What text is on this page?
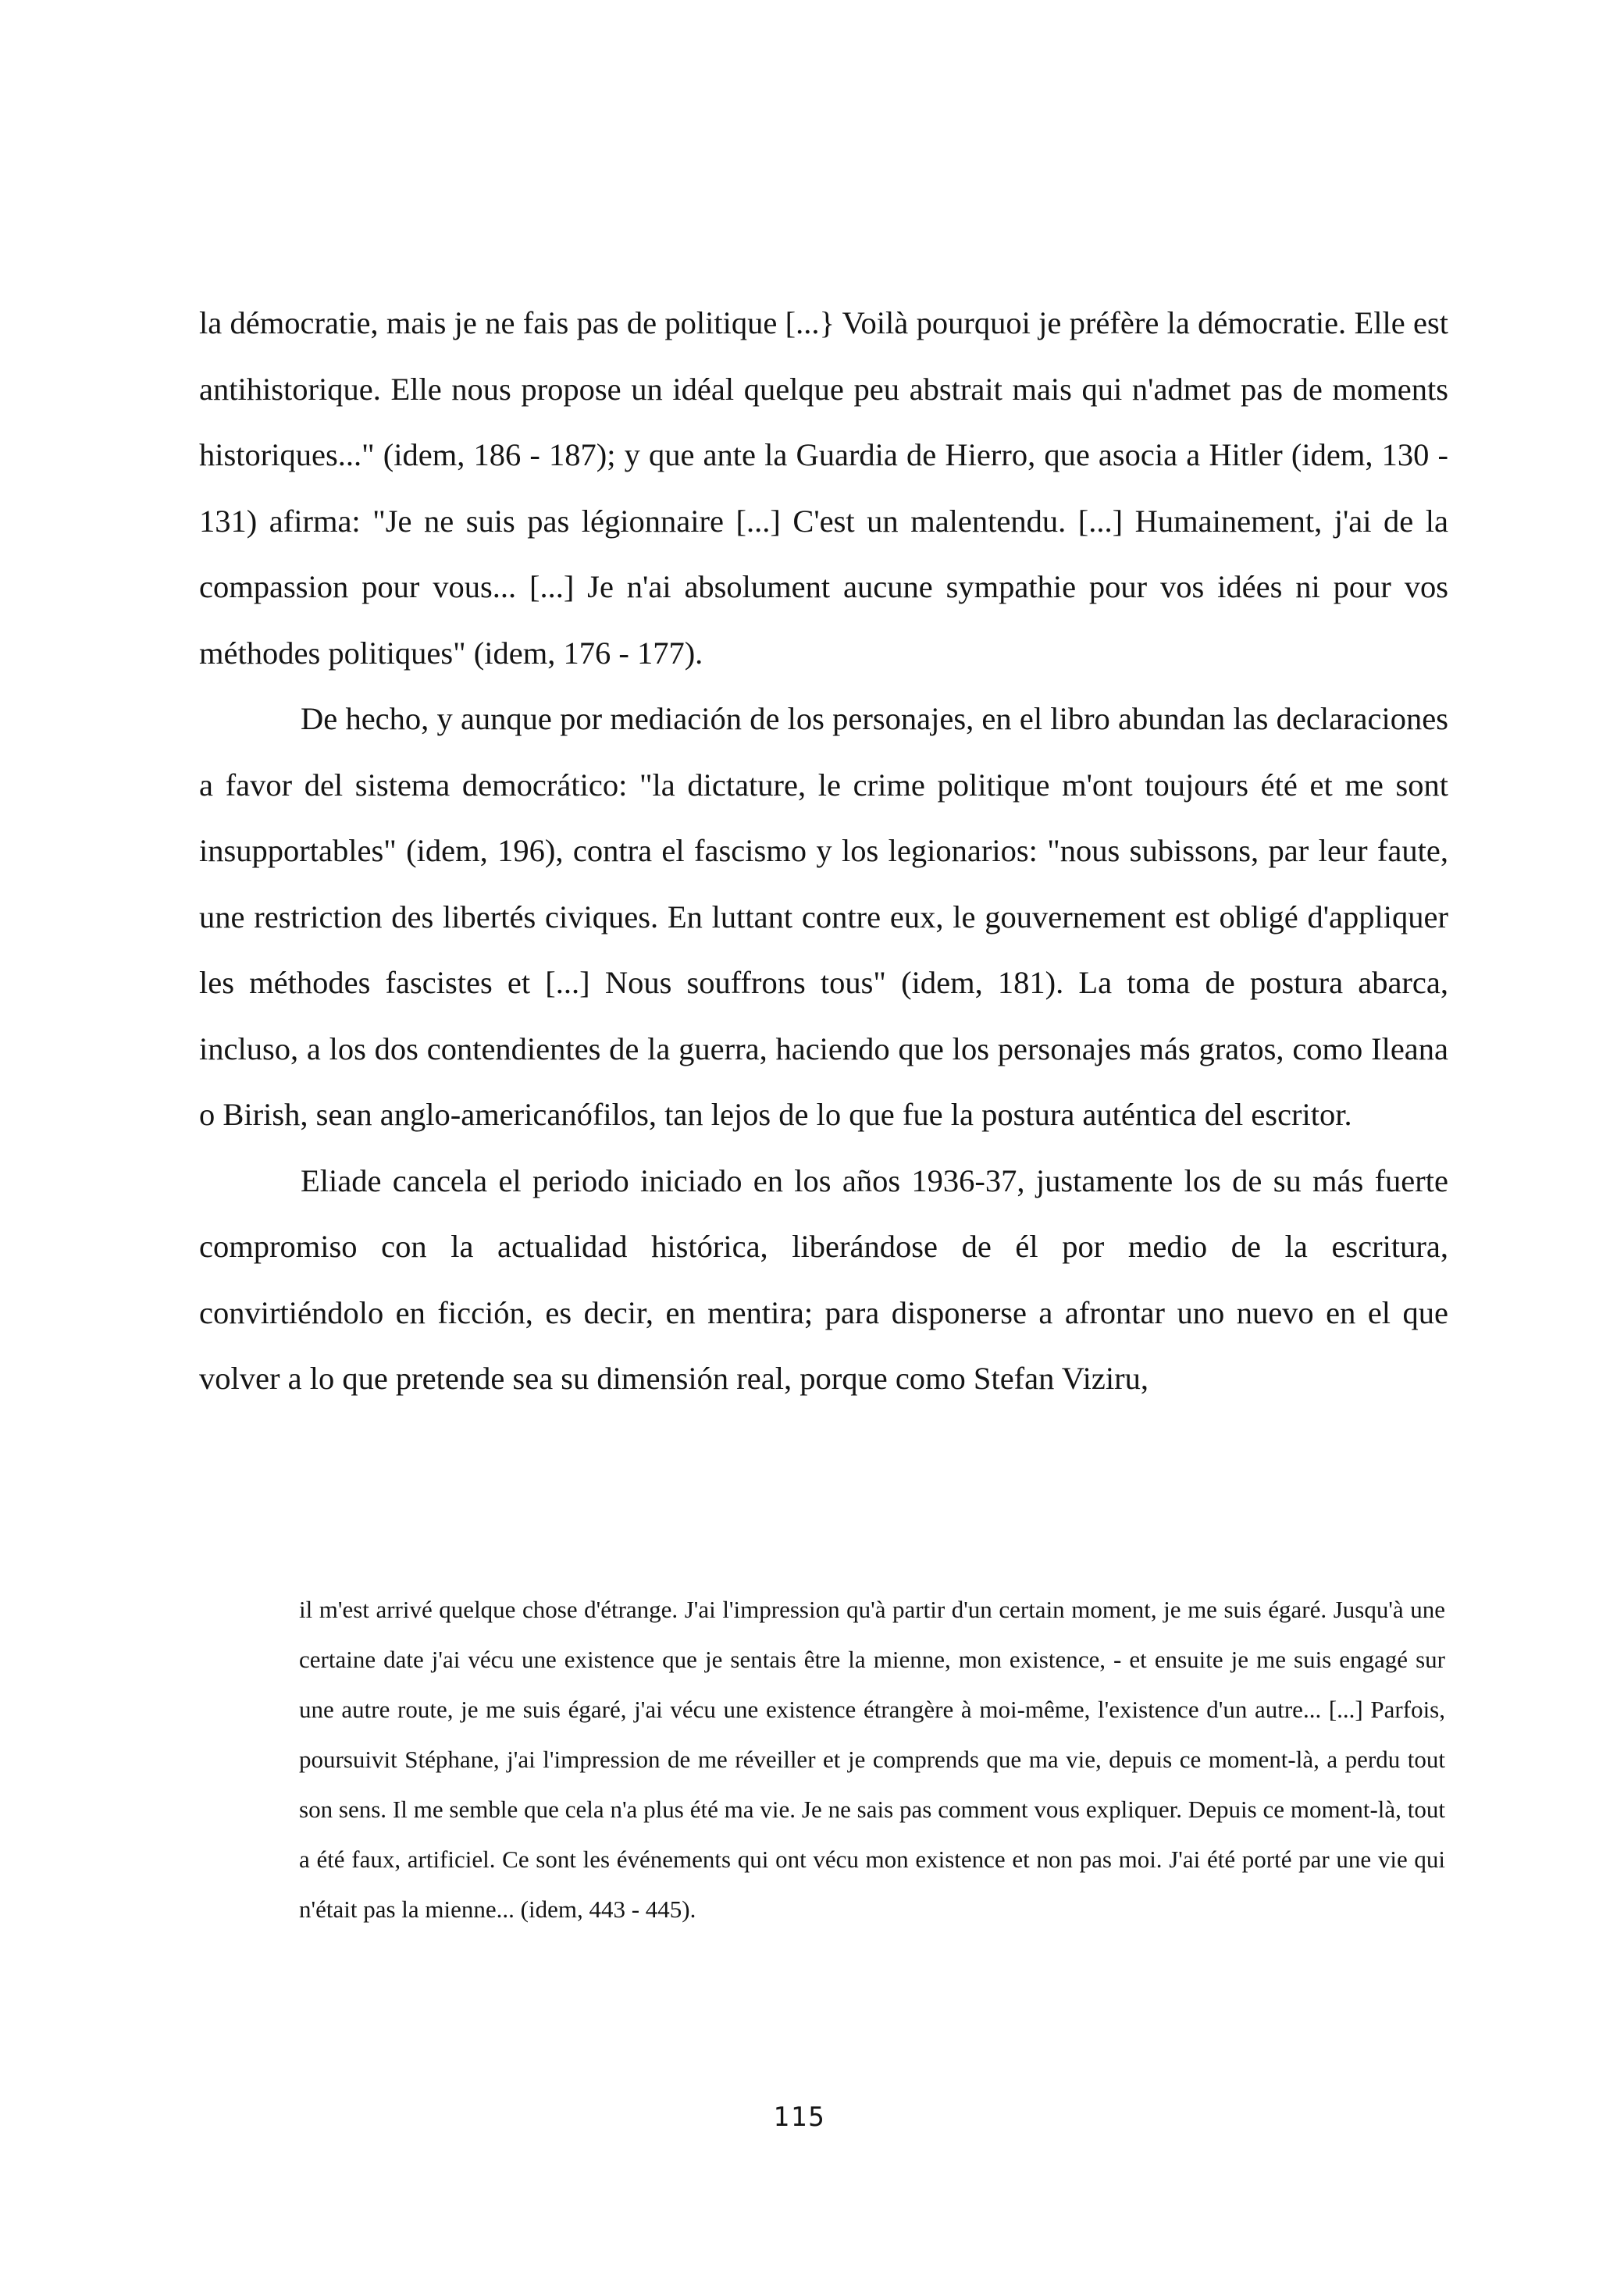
la démocratie, mais je ne fais pas de politique [...} Voilà pourquoi je préfère la démocratie. Elle est antihistorique. Elle nous propose un idéal quelque peu abstrait mais qui n'admet pas de moments historiques..." (idem, 186 - 187); y que ante la Guardia de Hierro, que asocia a Hitler (idem, 130 - 131) afirma: "Je ne suis pas légionnaire [...] C'est un malentendu. [...] Humainement, j'ai de la compassion pour vous... [...] Je n'ai absolument aucune sympathie pour vos idées ni pour vos méthodes politiques" (idem, 176 - 177).

De hecho, y aunque por mediación de los personajes, en el libro abundan las declaraciones a favor del sistema democrático: "la dictature, le crime politique m'ont toujours été et me sont insupportables" (idem, 196), contra el fascismo y los legionarios: "nous subissons, par leur faute, une restriction des libertés civiques. En luttant contre eux, le gouvernement est obligé d'appliquer les méthodes fascistes et [...] Nous souffrons tous" (idem, 181). La toma de postura abarca, incluso, a los dos contendientes de la guerra, haciendo que los personajes más gratos, como Ileana o Birish, sean anglo-americanófilos, tan lejos de lo que fue la postura auténtica del escritor.

Eliade cancela el periodo iniciado en los años 1936-37, justamente los de su más fuerte compromiso con la actualidad histórica, liberándose de él por medio de la escritura, convirtiéndolo en ficción, es decir, en mentira; para disponerse a afrontar uno nuevo en el que volver a lo que pretende sea su dimensión real, porque como Stefan Viziru,

il m'est arrivé quelque chose d'étrange. J'ai l'impression qu'à partir d'un certain moment, je me suis égaré. Jusqu'à une certaine date j'ai vécu une existence que je sentais être la mienne, mon existence, - et ensuite je me suis engagé sur une autre route, je me suis égaré, j'ai vécu une existence étrangère à moi-même, l'existence d'un autre... [...] Parfois, poursuivit Stéphane, j'ai l'impression de me réveiller et je comprends que ma vie, depuis ce moment-là, a perdu tout son sens. Il me semble que cela n'a plus été ma vie. Je ne sais pas comment vous expliquer. Depuis ce moment-là, tout a été faux, artificiel. Ce sont les événements qui ont vécu mon existence et non pas moi. J'ai été porté par une vie qui n'était pas la mienne... (idem, 443 - 445).
115
